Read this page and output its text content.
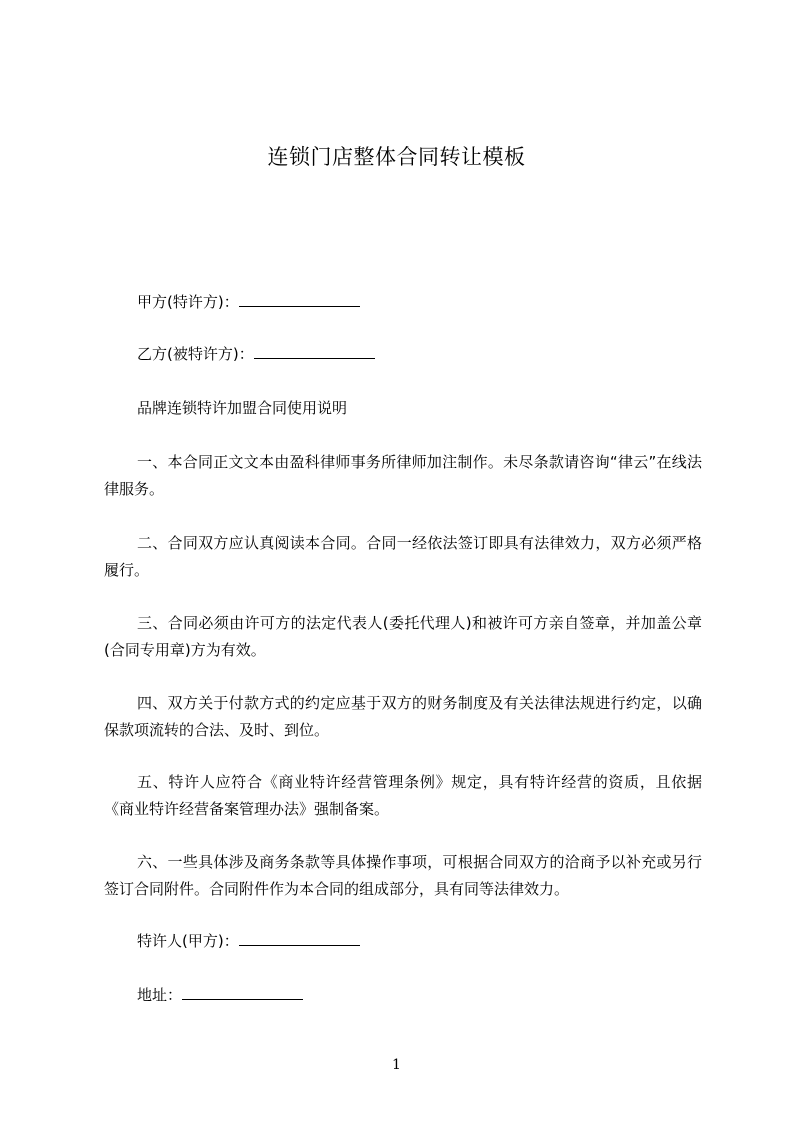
连锁门店整体合同转让模板
甲方(特许方)：
乙方(被特许方)：
品牌连锁特许加盟合同使用说明
一、本合同正文文本由盈科律师事务所律师加注制作。未尽条款请咨询“律云”在线法律服务。
二、合同双方应认真阅读本合同。合同一经依法签订即具有法律效力，双方必须严格履行。
三、合同必须由许可方的法定代表人(委托代理人)和被许可方亲自签章，并加盖公章(合同专用章)方为有效。
四、双方关于付款方式的约定应基于双方的财务制度及有关法律法规进行约定，以确保款项流转的合法、及时、到位。
五、特许人应符合《商业特许经营管理条例》规定，具有特许经营的资质，且依据《商业特许经营备案管理办法》强制备案。
六、一些具体涉及商务条款等具体操作事项，可根据合同双方的洽商予以补充或另行签订合同附件。合同附件作为本合同的组成部分，具有同等法律效力。
特许人(甲方)：
地址：
1
